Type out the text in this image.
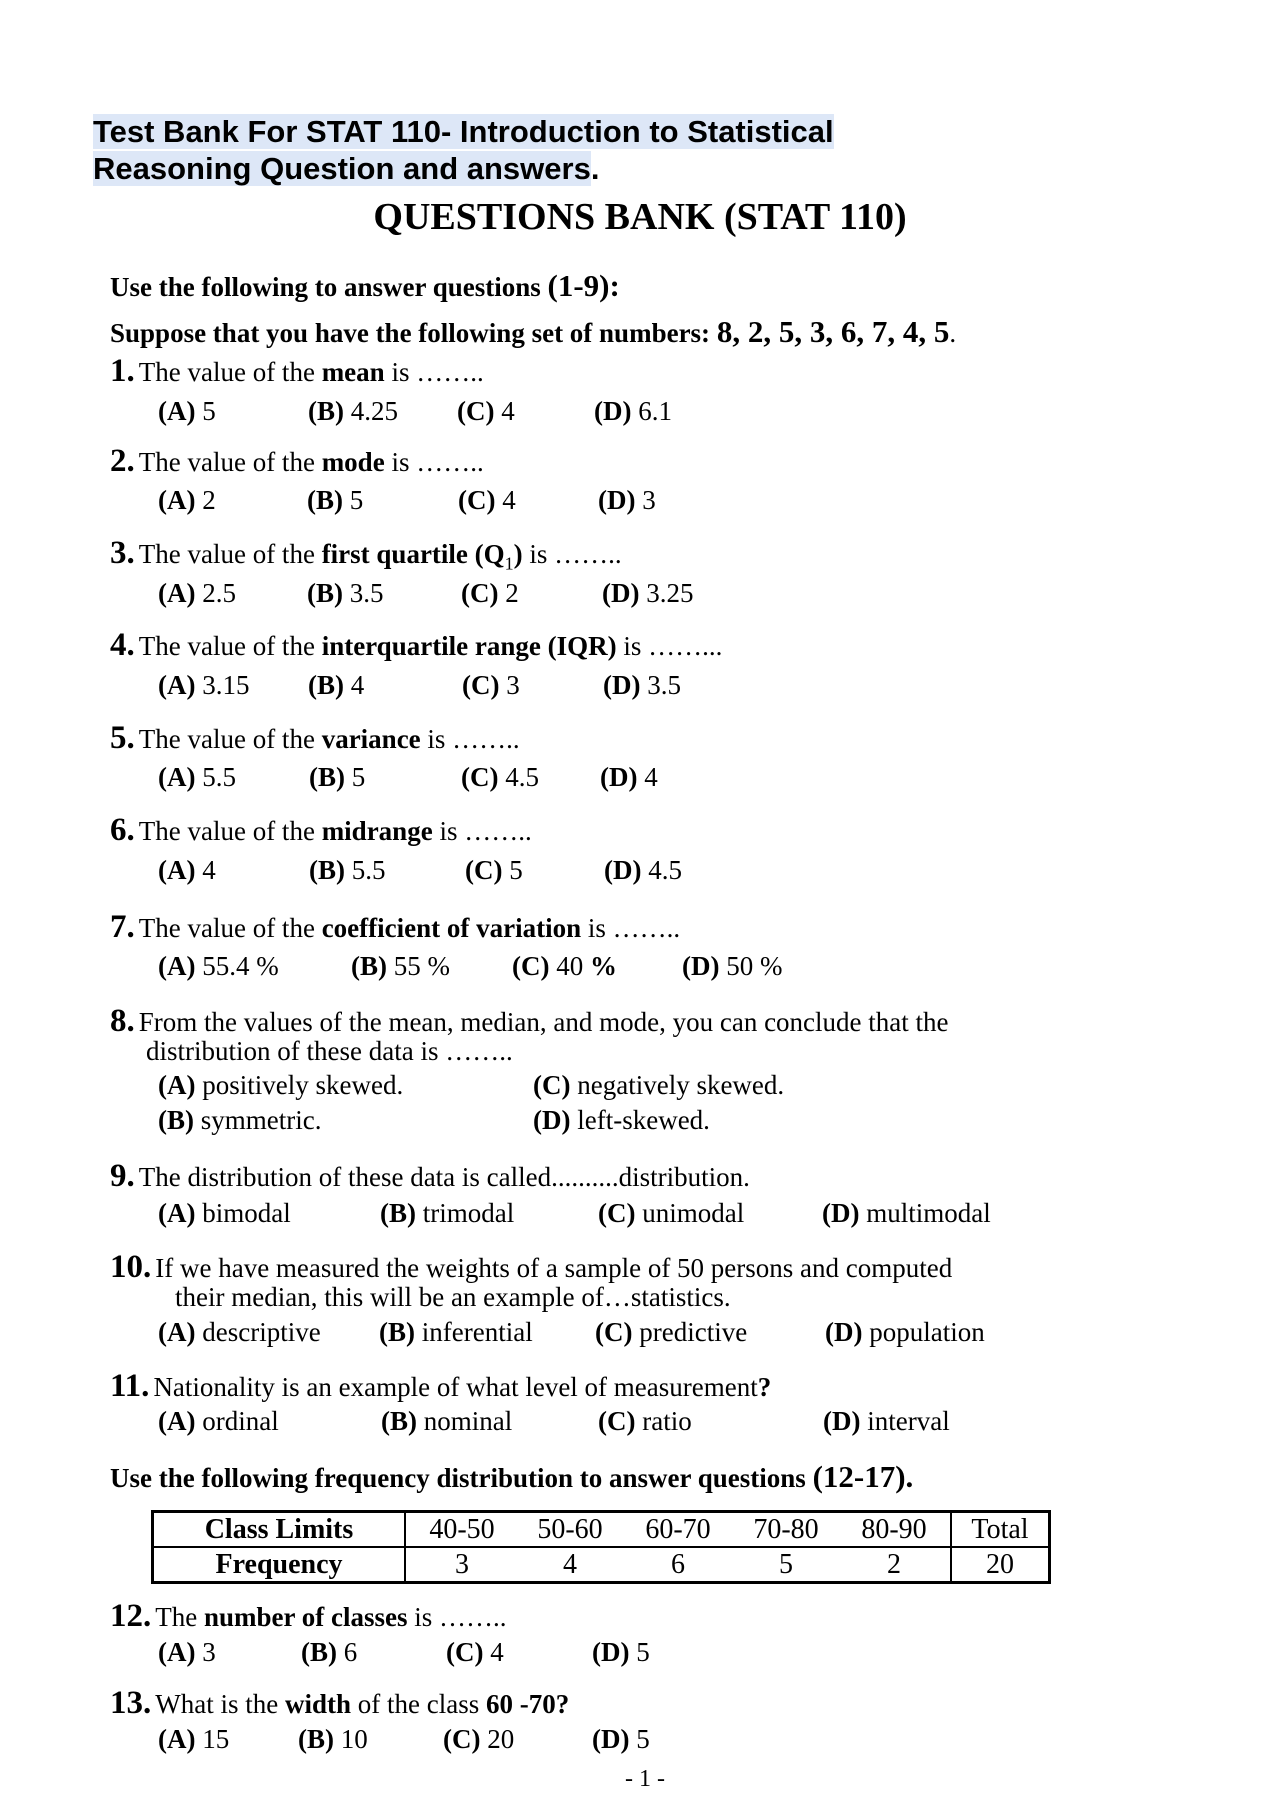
Test Bank For STAT 110- Introduction to Statistical
Reasoning Question and answers.
QUESTIONS BANK (STAT 110)
Use the following to answer questions (1-9):
Suppose that you have the following set of numbers: 8, 2, 5, 3, 6, 7, 4, 5.
1. The value of the mean is ……..
(A) 5	(B) 4.25 (C) 4	(D) 6.1
2. The value of the mode is ……..
(A) 2	(B) 5	(C) 4	(D) 3
3. The value of the first quartile $(Q_1)$ is ……..
(A) 2.5	(B) 3.5	(C) 2	(D) 3.25
4. The value of the interquartile range (IQR) is ……...
(A) 3.15 (B) 4	(C) 3	(D) 3.5
5. The value of the variance is ……..
(A) 5.5	(B) 5	(C) 4.5 (D) 4
6. The value of the midrange is ……..
(A) 4	(B) 5.5	(C) 5	(D) 4.5
7. The value of the coefficient of variation is ……..
(A) 55.4 %	(B) 55 % (C) 40 % (D) 50 %
8. From the values of the mean, median, and mode, you can conclude that the
distribution of these data is ……..
(A) positively skewed.	(C) negatively skewed.
(B) symmetric.	(D) left-skewed.
9. The distribution of these data is called..........distribution.
(A) bimodal	(B) trimodal	(C) unimodal	(D) multimodal
10. If we have measured the weights of a sample of 50 persons and computed
their median, this will be an example of…statistics.
(A) descriptive (B) inferential (C) predictive	(D) population
11. Nationality is an example of what level of measurement?
(A) ordinal	(B) nominal	(C) ratio	(D) interval
Use the following frequency distribution to answer questions (12-17).
Class Limits	40-50 50-60 60-70 70-80 80-90	Total
Frequency	3 4 6 5 2	20
12. The number of classes is ……..
(A) 3	(B) 6	(C) 4	(D) 5
13. What is the width of the class 60 -70?
(A) 15	(B) 10	(C) 20	(D) 5
- 1 -
